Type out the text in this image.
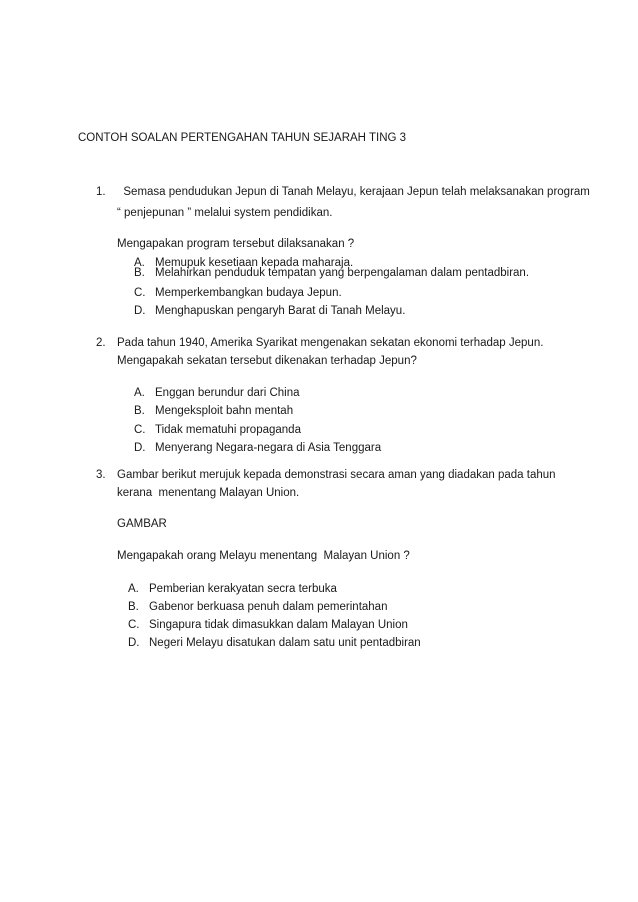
CONTOH SOALAN PERTENGAHAN TAHUN SEJARAH TING 3
1. Semasa pendudukan Jepun di Tanah Melayu, kerajaan Jepun telah melaksanakan program
“ penjepunan ” melalui system pendidikan.
Mengapakan program tersebut dilaksanakan ?
A. Memupuk kesetiaan kepada maharaja.
B. Melahirkan penduduk tempatan yang berpengalaman dalam pentadbiran.
C. Memperkembangkan budaya Jepun.
D. Menghapuskan pengaryh Barat di Tanah Melayu.
2. Pada tahun 1940, Amerika Syarikat mengenakan sekatan ekonomi terhadap Jepun.
Mengapakah sekatan tersebut dikenakan terhadap Jepun?
A. Enggan berundur dari China
B. Mengeksploit bahn mentah
C. Tidak mematuhi propaganda
D. Menyerang Negara-negara di Asia Tenggara
3. Gambar berikut merujuk kepada demonstrasi secara aman yang diadakan pada tahun
kerana  menentang Malayan Union.
GAMBAR
Mengapakah orang Melayu menentang  Malayan Union ?
A. Pemberian kerakyatan secra terbuka
B. Gabenor berkuasa penuh dalam pemerintahan
C. Singapura tidak dimasukkan dalam Malayan Union
D. Negeri Melayu disatukan dalam satu unit pentadbiran
